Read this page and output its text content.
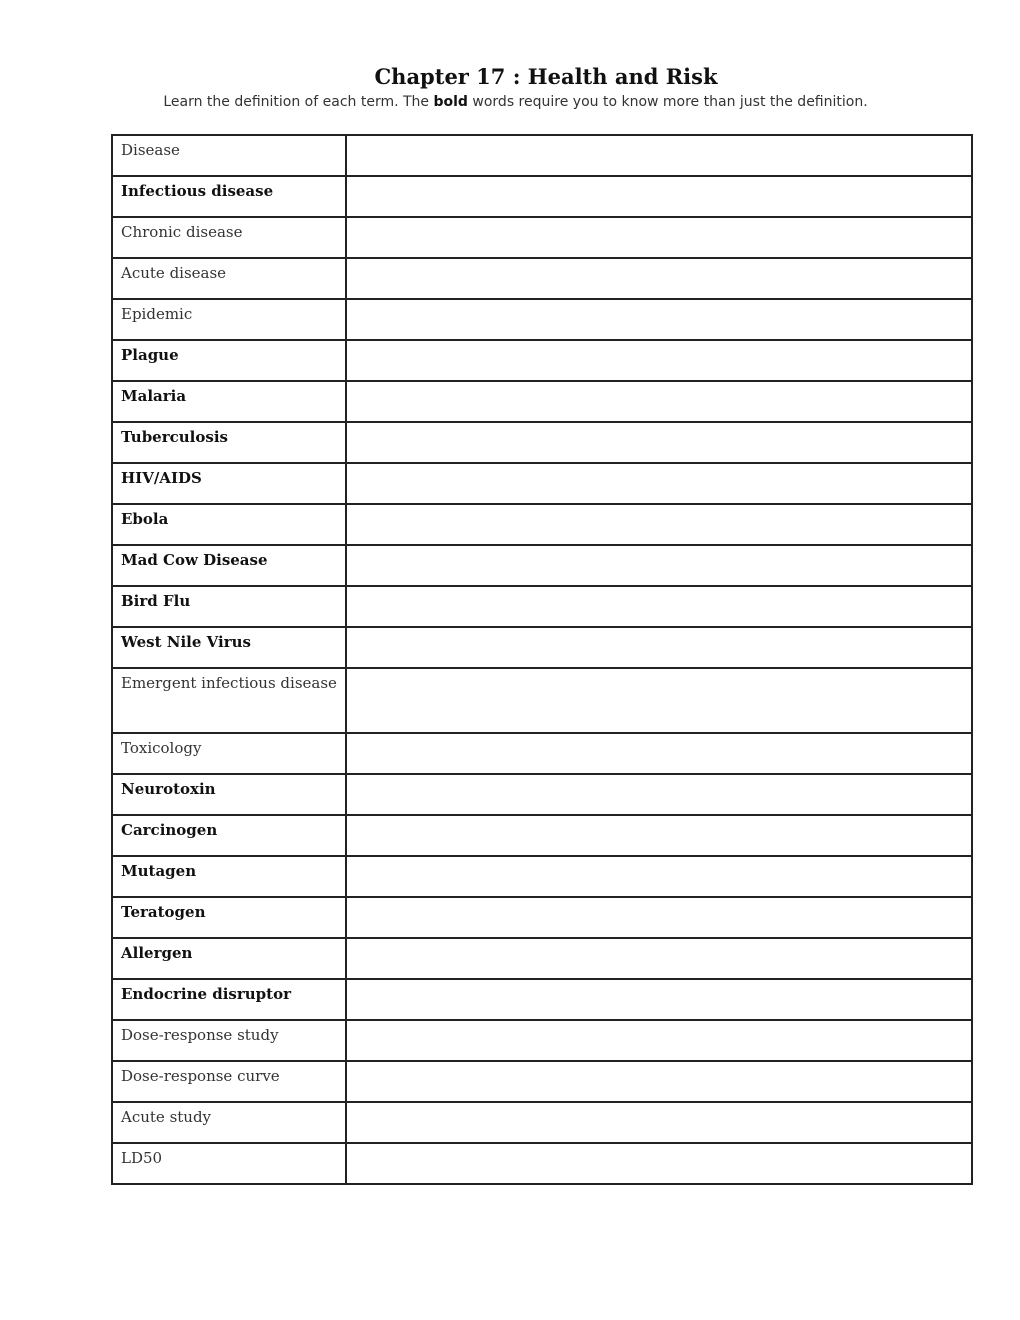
Chapter 17 : Health and Risk
Learn the definition of each term. The bold words require you to know more than just the definition.
Disease	
Infectious disease	
Chronic disease	
Acute disease	
Epidemic	
Plague	
Malaria	
Tuberculosis	
HIV/AIDS	
Ebola	
Mad Cow Disease	
Bird Flu	
West Nile Virus	
Emergent infectious disease	
Toxicology	
Neurotoxin	
Carcinogen	
Mutagen	
Teratogen	
Allergen	
Endocrine disruptor	
Dose-response study	
Dose-response curve	
Acute study	
LD50	
